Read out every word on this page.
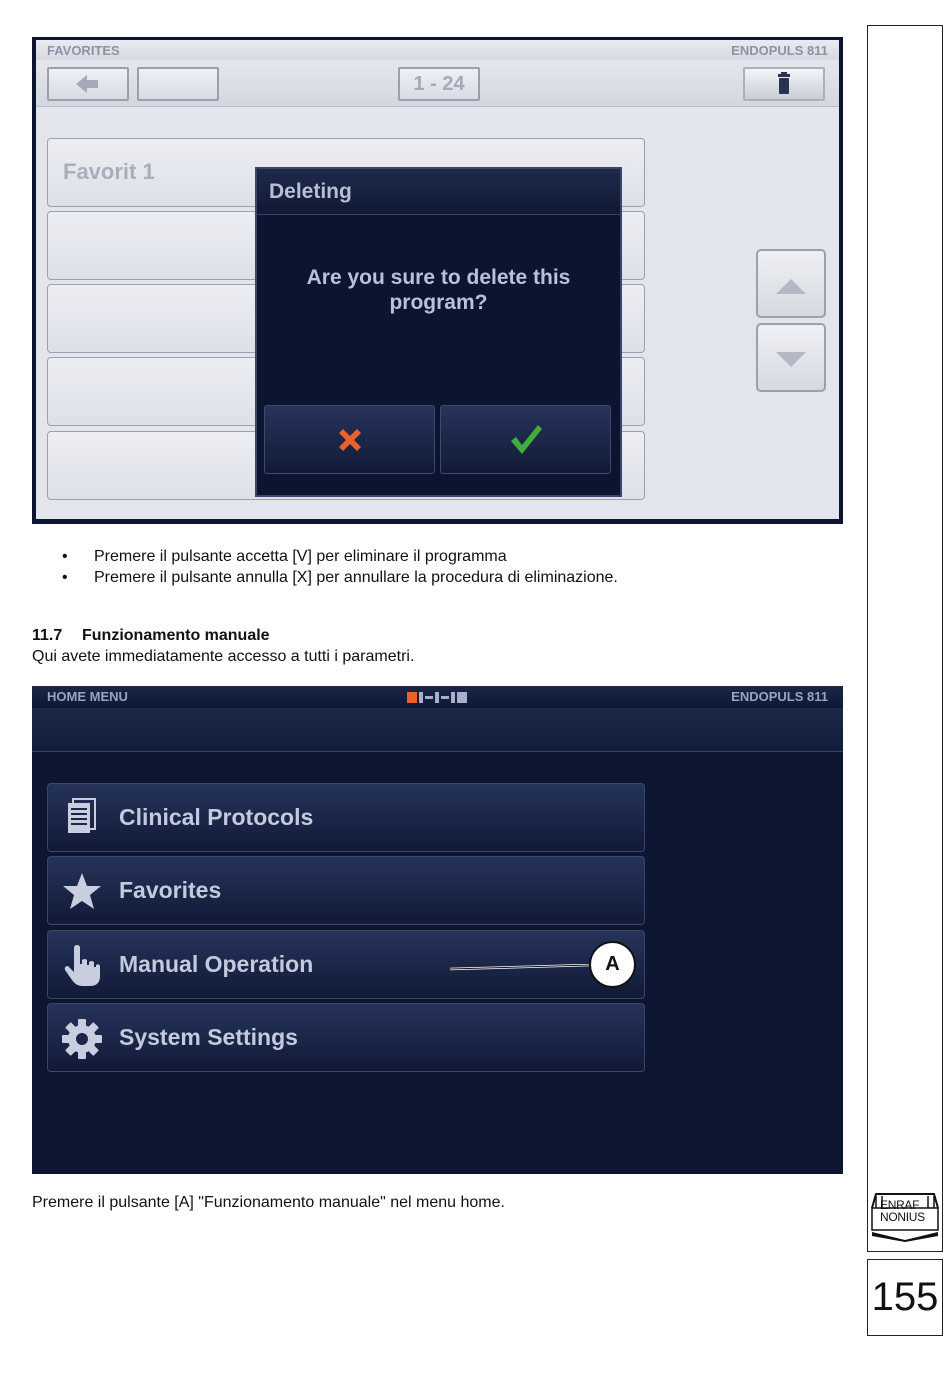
ENRAF
NONIUS
155
FAVORITES	ENDOPULS 811
1 - 24
Favorit 1
Deleting
Are you sure to delete this program?
• Premere il pulsante accetta [V] per eliminare il programma
• Premere il pulsante annulla [X] per annullare la procedura di eliminazione.
11.7 Funzionamento manuale
Qui avete immediatamente accesso a tutti i parametri.
HOME MENU	ENDOPULS 811
Clinical Protocols
Favorites
Manual Operation
System Settings
A
Premere il pulsante [A] "Funzionamento manuale" nel menu home.
